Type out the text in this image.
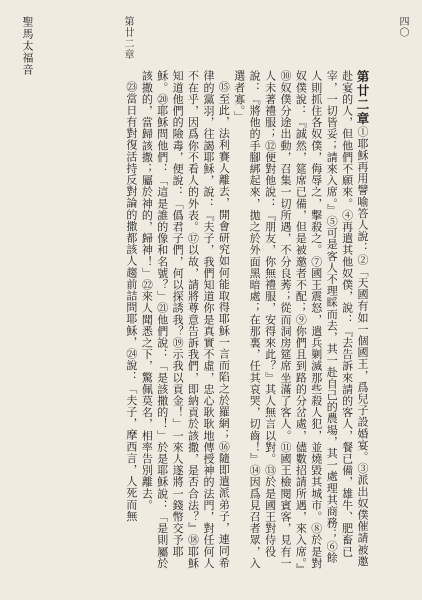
四〇
第廿二章
聖馬太福音

第廿二章①耶穌再用譬喻答人說：②「天國有如一個國王，爲兒子設婚宴。③派出奴僕催請被邀赴宴的人，但他們不願來。④再遣其他奴僕，說：『去告訴來請的客人，餐已備，雄牛、肥畜已宰，一切皆妥；請來入席。』⑤可是客人不理睬而去，其一赴自己的農場，其一處理其商務；⑥餘人則抓住各奴僕，侮辱之，擊殺之。⑦國王震怒，遣兵剿滅那些殺人犯，並燒毀其城市。⑧於是對奴僕說：『誠然，筵席已備，但是被邀者不配；⑨你們且到路的分岔處，儘數招請所遇，來入席。』⑩奴僕分途出動，召集一切所遇，不分良莠；從而洞房筵席坐滿了客人。⑪國王檢閱賓客，見有一人未著禮服；⑫便對他說：『朋友，你無禮服，安得來此？』其人無言以對。⑬於是國王對侍役說：『將他的手腳綁起來，拋之於外面黑暗處；在那裏，任其哀哭，切齒！』⑭因爲見召者眾，入選者寡。」

⑮至此，法利賽人離去，開會研究如何能取得耶穌一言而陷之於羅網；⑯隨即遣派弟子，連同希律的黨羽，往謁耶穌，說：『夫子，我們知道你是真實不虛，忠心耿耿地傳授神的法門，對任何人不在乎，因爲你不看人的外表。⑰以故，請將尊意告訴我們，即納貢於該撒，是否合法？』⑱耶穌知道他們的險毒，便說：「僞君子們，何以探誘我？⑲示我以貢金！」一來人遂將一錢幣交予耶穌。⑳耶穌問他們：「這是誰的像和名號？」㉑他們說：「是該撒的！」於是耶穌說：「是則屬於該撒的，當歸該撒；屬於神的，歸神！」㉒來人聞悉之下，驚佩莫名，相率告別離去。

㉓當日有對復活持反對論的撒都該人趨前詰問耶穌，㉔說：「夫子，摩西言，人死而無
